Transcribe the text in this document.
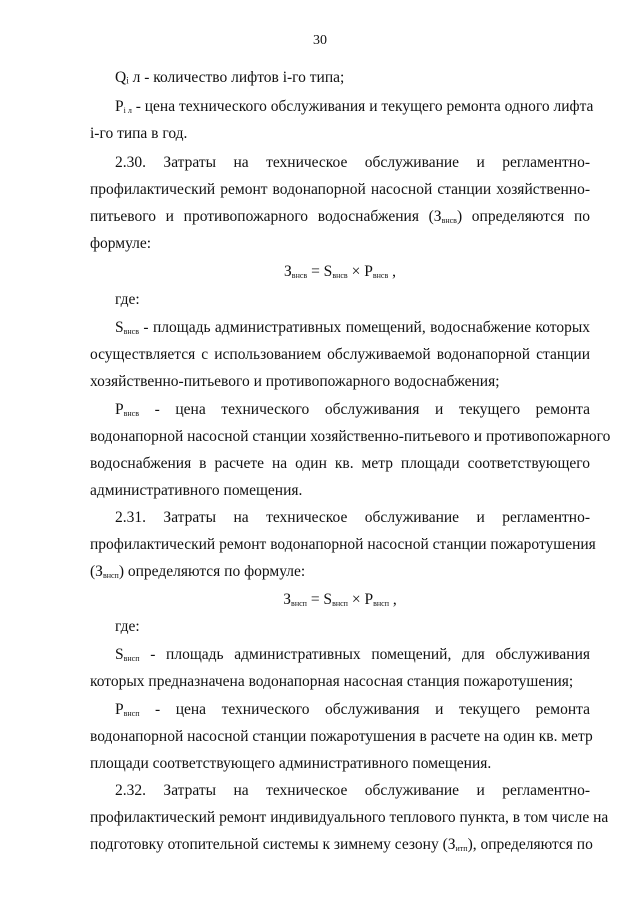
30
Qᵢ л - количество лифтов i-го типа;
$P_{i л}$ - цена технического обслуживания и текущего ремонта одного лифта
i-го типа в год.
2.30. Затраты на техническое обслуживание и регламентно-
профилактический ремонт водонапорной насосной станции хозяйственно-
питьевого и противопожарного водоснабжения $(З_{внсв})$ определяются по
формуле:
$З_{внсв} = S_{внсв} \times P_{внсв}$ ,
где:
$S_{внсв}$ - площадь административных помещений, водоснабжение которых
осуществляется с использованием обслуживаемой водонапорной станции
хозяйственно-питьевого и противопожарного водоснабжения;
$P_{внсв}$ - цена технического обслуживания и текущего ремонта
водонапорной насосной станции хозяйственно-питьевого и противопожарного
водоснабжения в расчете на один кв. метр площади соответствующего
административного помещения.
2.31. Затраты на техническое обслуживание и регламентно-
профилактический ремонт водонапорной насосной станции пожаротушения
$(З_{внсп})$ определяются по формуле:
$З_{внсп} = S_{внсп} \times P_{внсп}$ ,
где:
$S_{внсп}$ - площадь административных помещений, для обслуживания
которых предназначена водонапорная насосная станция пожаротушения;
$P_{внсп}$ - цена технического обслуживания и текущего ремонта
водонапорной насосной станции пожаротушения в расчете на один кв. метр
площади соответствующего административного помещения.
2.32. Затраты на техническое обслуживание и регламентно-
профилактический ремонт индивидуального теплового пункта, в том числе на
подготовку отопительной системы к зимнему сезону $(З_{итп})$, определяются по
